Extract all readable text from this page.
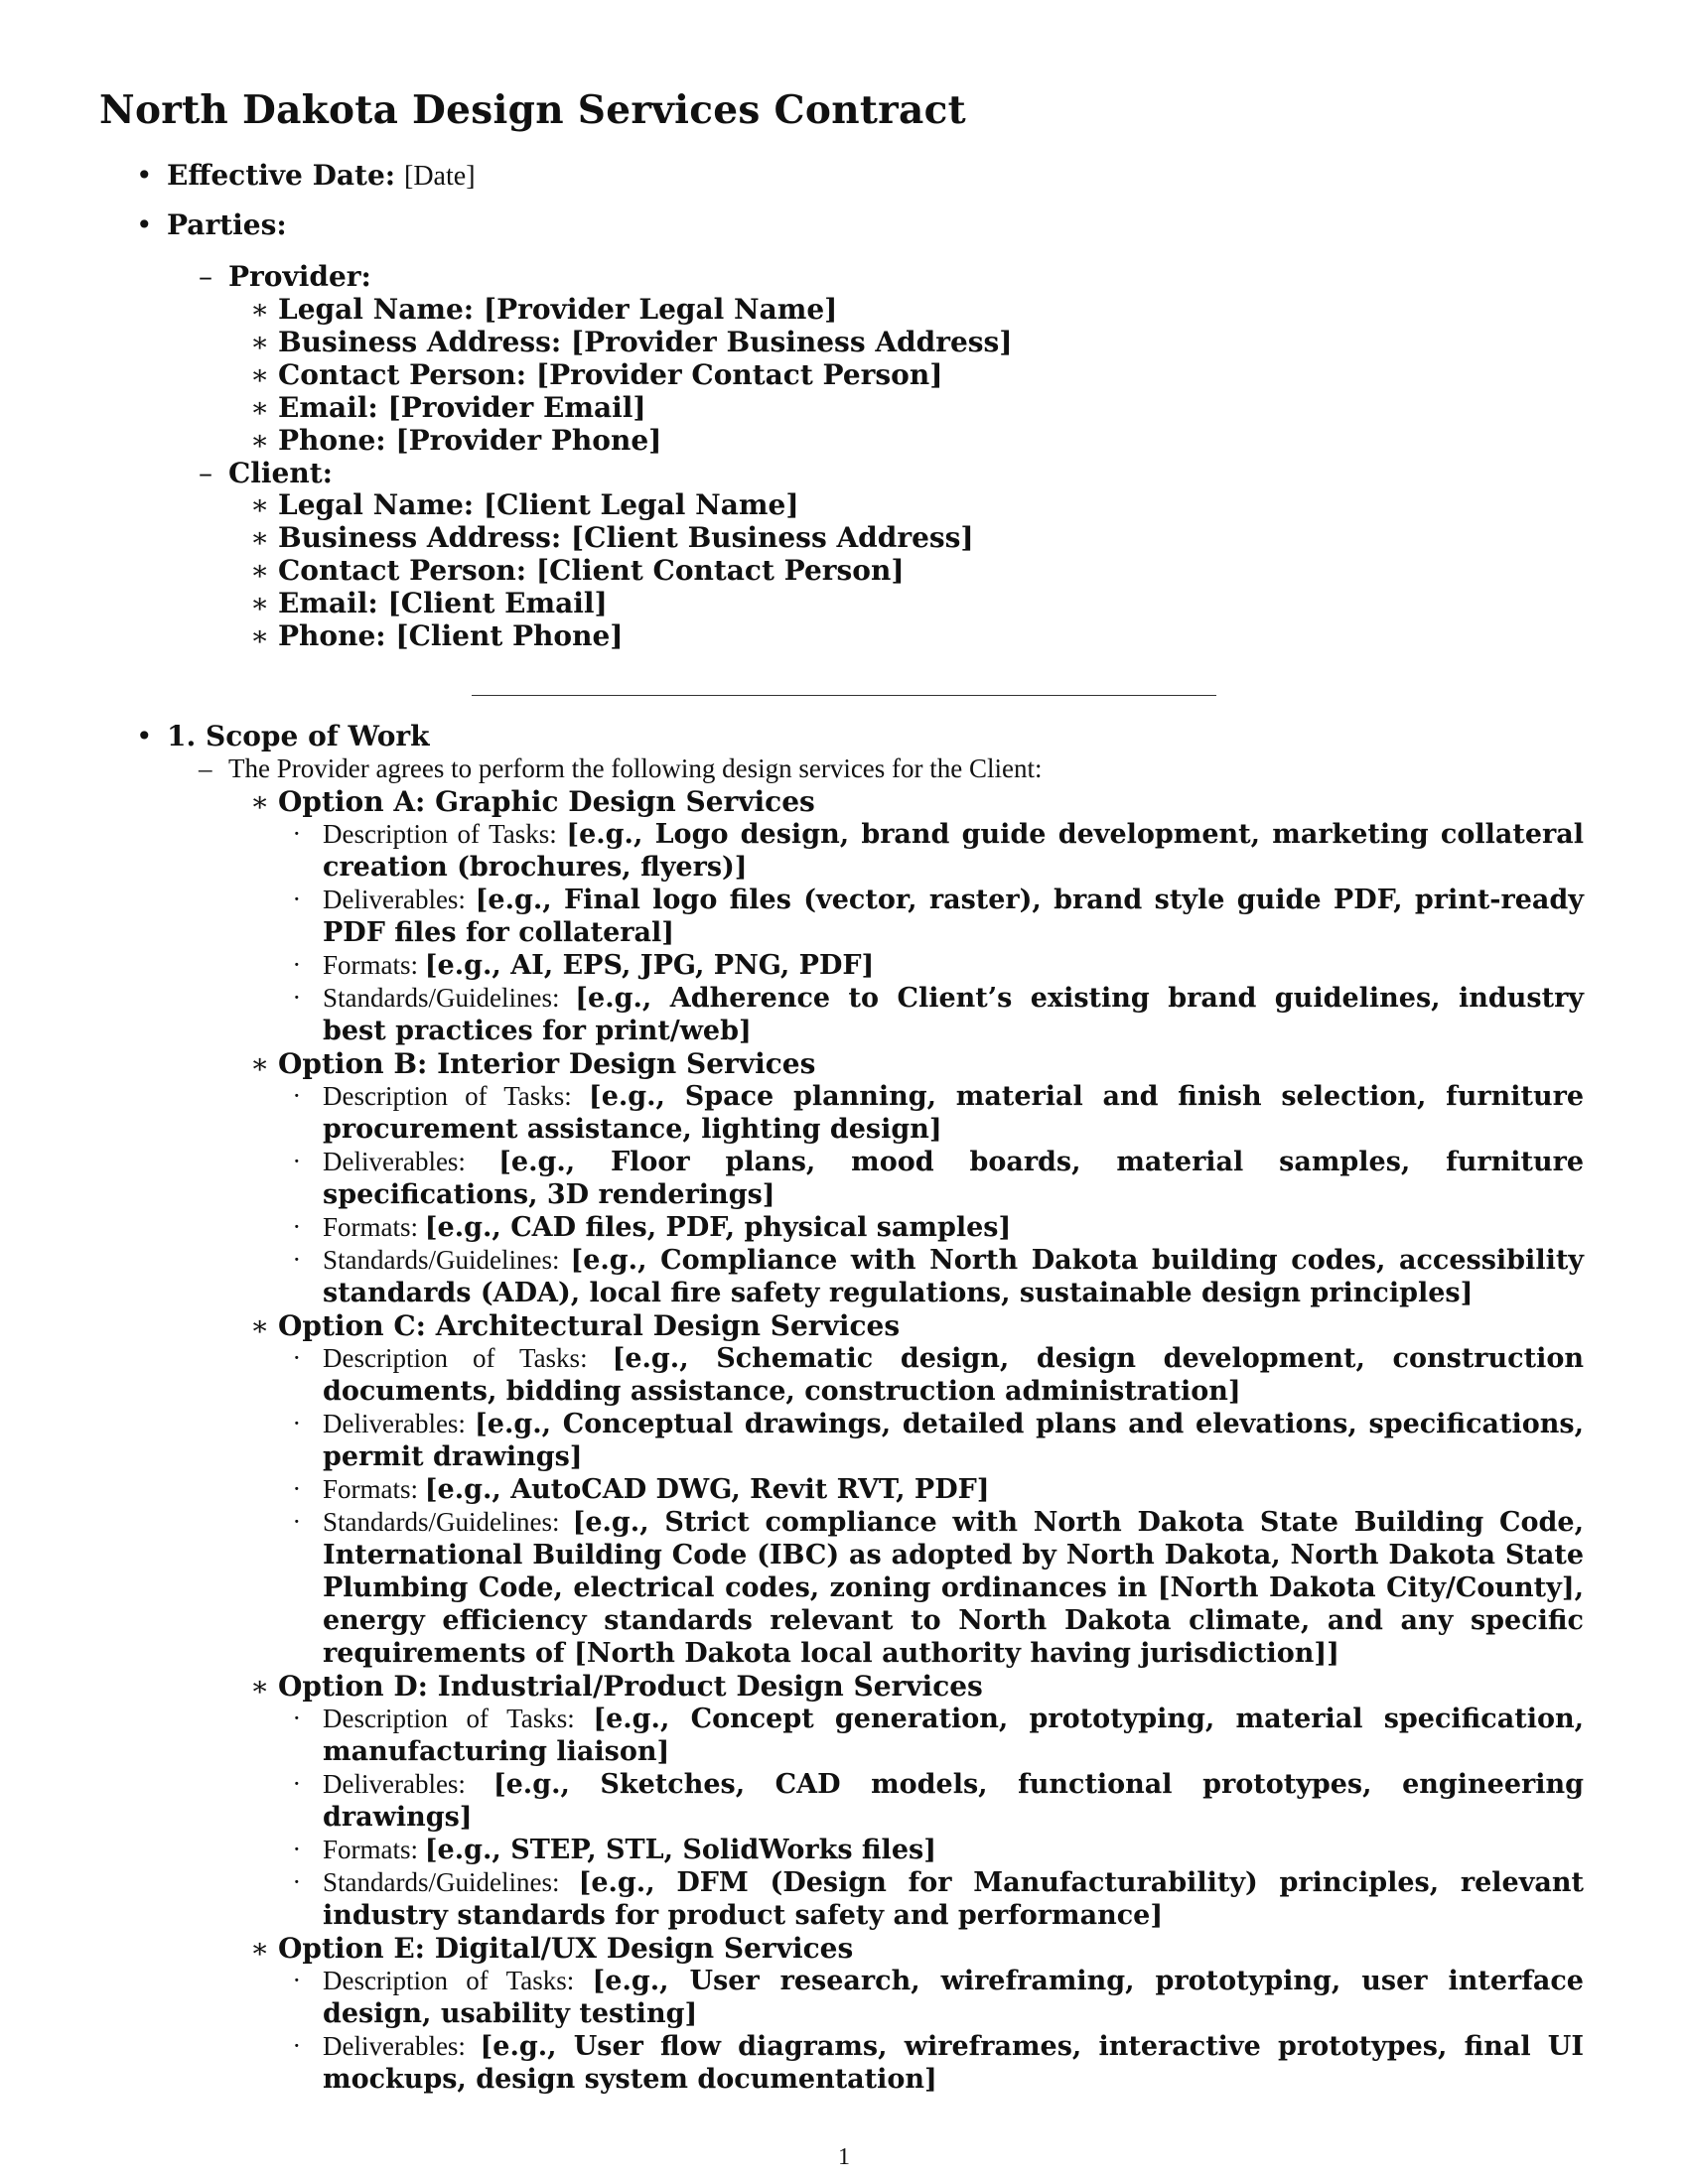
North Dakota Design Services Contract
• Effective Date: [Date]
• Parties:
– Provider:
∗ Legal Name: [Provider Legal Name]
∗ Business Address: [Provider Business Address]
∗ Contact Person: [Provider Contact Person]
∗ Email: [Provider Email]
∗ Phone: [Provider Phone]
– Client:
∗ Legal Name: [Client Legal Name]
∗ Business Address: [Client Business Address]
∗ Contact Person: [Client Contact Person]
∗ Email: [Client Email]
∗ Phone: [Client Phone]
• 1. Scope of Work
– The Provider agrees to perform the following design services for the Client:
∗ Option A: Graphic Design Services
· Description of Tasks: [e.g., Logo design, brand guide development, marketing collateral creation (brochures, flyers)]
· Deliverables: [e.g., Final logo files (vector, raster), brand style guide PDF, print-ready PDF files for collateral]
· Formats: [e.g., AI, EPS, JPG, PNG, PDF]
· Standards/Guidelines: [e.g., Adherence to Client’s existing brand guidelines, industry best practices for print/web]
∗ Option B: Interior Design Services
· Description of Tasks: [e.g., Space planning, material and finish selection, furniture procurement assistance, lighting design]
· Deliverables: [e.g., Floor plans, mood boards, material samples, furniture specifications, 3D renderings]
· Formats: [e.g., CAD files, PDF, physical samples]
· Standards/Guidelines: [e.g., Compliance with North Dakota building codes, accessibility standards (ADA), local fire safety regulations, sustainable design principles]
∗ Option C: Architectural Design Services
· Description of Tasks: [e.g., Schematic design, design development, construction documents, bidding assistance, construction administration]
· Deliverables: [e.g., Conceptual drawings, detailed plans and elevations, specifications, permit drawings]
· Formats: [e.g., AutoCAD DWG, Revit RVT, PDF]
· Standards/Guidelines: [e.g., Strict compliance with North Dakota State Building Code, International Building Code (IBC) as adopted by North Dakota, North Dakota State Plumbing Code, electrical codes, zoning ordinances in [North Dakota City/County], energy efficiency standards relevant to North Dakota climate, and any specific requirements of [North Dakota local authority having jurisdiction]]
∗ Option D: Industrial/Product Design Services
· Description of Tasks: [e.g., Concept generation, prototyping, material specification, manufacturing liaison]
· Deliverables: [e.g., Sketches, CAD models, functional prototypes, engineering drawings]
· Formats: [e.g., STEP, STL, SolidWorks files]
· Standards/Guidelines: [e.g., DFM (Design for Manufacturability) principles, relevant industry standards for product safety and performance]
∗ Option E: Digital/UX Design Services
· Description of Tasks: [e.g., User research, wireframing, prototyping, user interface design, usability testing]
· Deliverables: [e.g., User flow diagrams, wireframes, interactive prototypes, final UI mockups, design system documentation]
1
